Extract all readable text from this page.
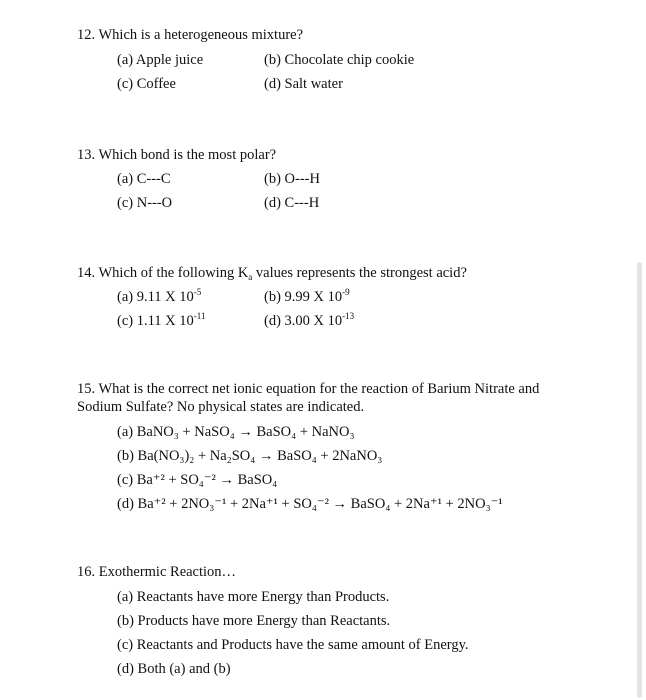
12. Which is a heterogeneous mixture?
(a) Apple juice	(b) Chocolate chip cookie
(c) Coffee	(d) Salt water
13. Which bond is the most polar?
(a) C---C	(b) O---H
(c) N---O	(d) C---H
14. Which of the following $K_a$ values represents the strongest acid?
(a) 9.11 X $10^{-5}$	(b) 9.99 X $10^{-9}$
(c) 1.11 X $10^{-11}$	(d) 3.00 X $10^{-13}$
15. What is the correct net ionic equation for the reaction of Barium Nitrate and
Sodium Sulfate? No physical states are indicated.
(a) BaNO₃ + NaSO₄ → BaSO₄ + NaNO₃
(b) Ba(NO₃)₂ + Na₂SO₄ → BaSO₄ + 2NaNO₃
(c) Ba⁺² + SO₄⁻² → BaSO₄
(d) Ba⁺² + 2NO₃⁻¹ + 2Na⁺¹ + SO₄⁻² → BaSO₄ + 2Na⁺¹ + 2NO₃⁻¹
16. Exothermic Reaction…
(a) Reactants have more Energy than Products.
(b) Products have more Energy than Reactants.
(c) Reactants and Products have the same amount of Energy.
(d) Both (a) and (b)
